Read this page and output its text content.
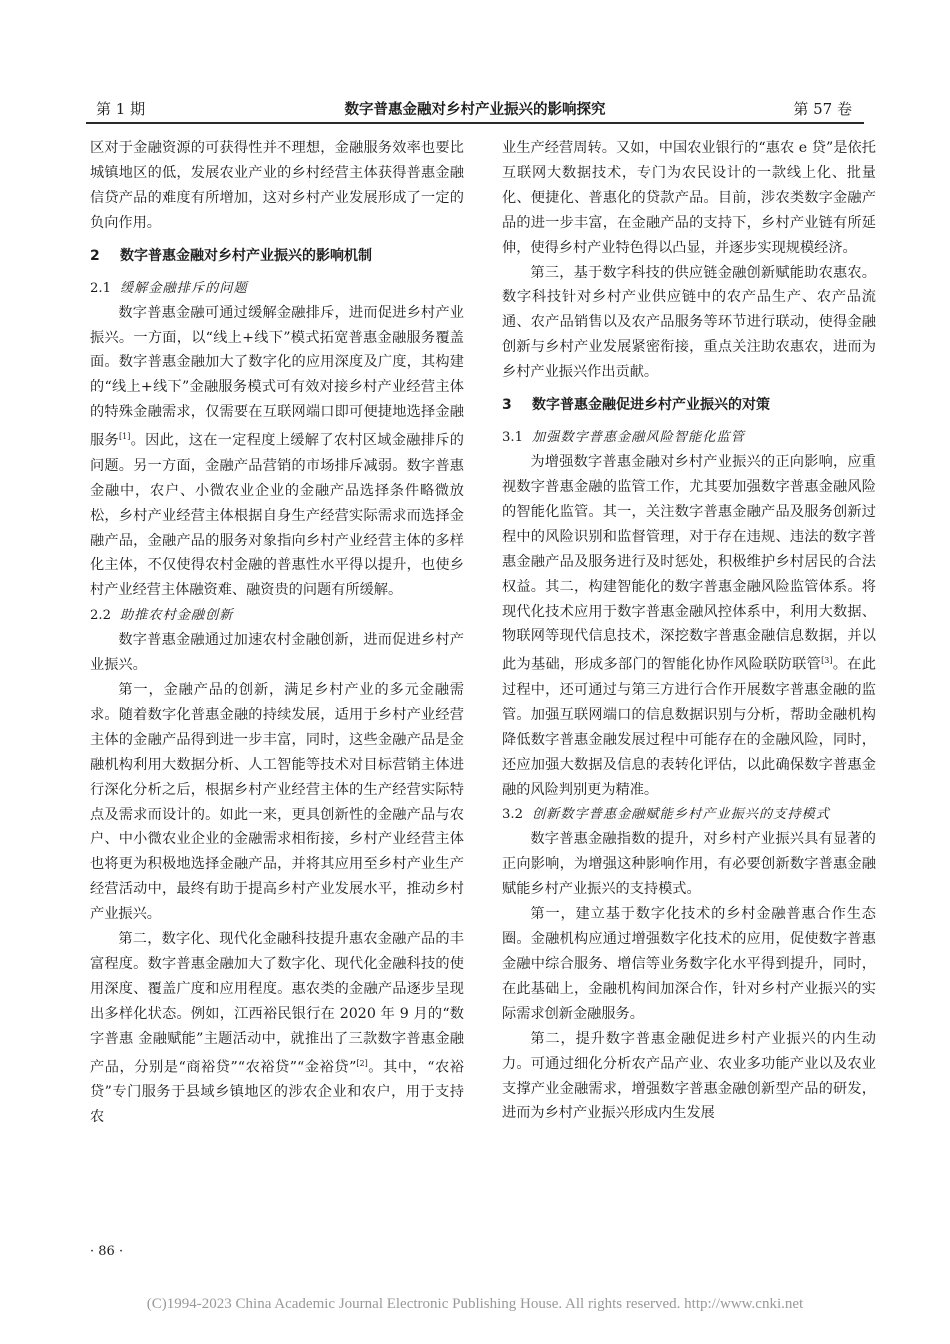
第 1 期	数字普惠金融对乡村产业振兴的影响探究	第 57 卷

区对于金融资源的可获得性并不理想，金融服务效率也要比城镇地区的低，发展农业产业的乡村经营主体获得普惠金融信贷产品的难度有所增加，这对乡村产业发展形成了一定的负向作用。

2 数字普惠金融对乡村产业振兴的影响机制

2.1 缓解金融排斥的问题

数字普惠金融可通过缓解金融排斥，进而促进乡村产业振兴。一方面，以“线上+线下”模式拓宽普惠金融服务覆盖面。数字普惠金融加大了数字化的应用深度及广度，其构建的“线上+线下”金融服务模式可有效对接乡村产业经营主体的特殊金融需求，仅需要在互联网端口即可便捷地选择金融服务[1]。因此，这在一定程度上缓解了农村区域金融排斥的问题。另一方面，金融产品营销的市场排斥减弱。数字普惠金融中，农户、小微农业企业的金融产品选择条件略微放松，乡村产业经营主体根据自身生产经营实际需求而选择金融产品，金融产品的服务对象指向乡村产业经营主体的多样化主体，不仅使得农村金融的普惠性水平得以提升，也使乡村产业经营主体融资难、融资贵的问题有所缓解。

2.2 助推农村金融创新

数字普惠金融通过加速农村金融创新，进而促进乡村产业振兴。

第一，金融产品的创新，满足乡村产业的多元金融需求。随着数字化普惠金融的持续发展，适用于乡村产业经营主体的金融产品得到进一步丰富，同时，这些金融产品是金融机构利用大数据分析、人工智能等技术对目标营销主体进行深化分析之后，根据乡村产业经营主体的生产经营实际特点及需求而设计的。如此一来，更具创新性的金融产品与农户、中小微农业企业的金融需求相衔接，乡村产业经营主体也将更为积极地选择金融产品，并将其应用至乡村产业生产经营活动中，最终有助于提高乡村产业发展水平，推动乡村产业振兴。

第二，数字化、现代化金融科技提升惠农金融产品的丰富程度。数字普惠金融加大了数字化、现代化金融科技的使用深度、覆盖广度和应用程度。惠农类的金融产品逐步呈现出多样化状态。例如，江西裕民银行在 2020 年 9 月的“数字普惠 金融赋能”主题活动中，就推出了三款数字普惠金融产品，分别是“商裕贷”“农裕贷”“金裕贷”[2]。其中，“农裕贷”专门服务于县域乡镇地区的涉农企业和农户，用于支持农

业生产经营周转。又如，中国农业银行的“惠农 e 贷”是依托互联网大数据技术，专门为农民设计的一款线上化、批量化、便捷化、普惠化的贷款产品。目前，涉农类数字金融产品的进一步丰富，在金融产品的支持下，乡村产业链有所延伸，使得乡村产业特色得以凸显，并逐步实现规模经济。

第三，基于数字科技的供应链金融创新赋能助农惠农。数字科技针对乡村产业供应链中的农产品生产、农产品流通、农产品销售以及农产品服务等环节进行联动，使得金融创新与乡村产业发展紧密衔接，重点关注助农惠农，进而为乡村产业振兴作出贡献。

3 数字普惠金融促进乡村产业振兴的对策

3.1 加强数字普惠金融风险智能化监管

为增强数字普惠金融对乡村产业振兴的正向影响，应重视数字普惠金融的监管工作，尤其要加强数字普惠金融风险的智能化监管。其一，关注数字普惠金融产品及服务创新过程中的风险识别和监督管理，对于存在违规、违法的数字普惠金融产品及服务进行及时惩处，积极维护乡村居民的合法权益。其二，构建智能化的数字普惠金融风险监管体系。将现代化技术应用于数字普惠金融风控体系中，利用大数据、物联网等现代信息技术，深挖数字普惠金融信息数据，并以此为基础，形成多部门的智能化协作风险联防联管[3]。在此过程中，还可通过与第三方进行合作开展数字普惠金融的监管。加强互联网端口的信息数据识别与分析，帮助金融机构降低数字普惠金融发展过程中可能存在的金融风险，同时，还应加强大数据及信息的表转化评估，以此确保数字普惠金融的风险判别更为精准。

3.2 创新数字普惠金融赋能乡村产业振兴的支持模式

数字普惠金融指数的提升，对乡村产业振兴具有显著的正向影响，为增强这种影响作用，有必要创新数字普惠金融赋能乡村产业振兴的支持模式。

第一，建立基于数字化技术的乡村金融普惠合作生态圈。金融机构应通过增强数字化技术的应用，促使数字普惠金融中综合服务、增信等业务数字化水平得到提升，同时，在此基础上，金融机构间加深合作，针对乡村产业振兴的实际需求创新金融服务。

第二，提升数字普惠金融促进乡村产业振兴的内生动力。可通过细化分析农产品产业、农业多功能产业以及农业支撑产业金融需求，增强数字普惠金融创新型产品的研发，进而为乡村产业振兴形成内生发展

· 86 ·
(C)1994-2023 China Academic Journal Electronic Publishing House. All rights reserved. http://www.cnki.net
